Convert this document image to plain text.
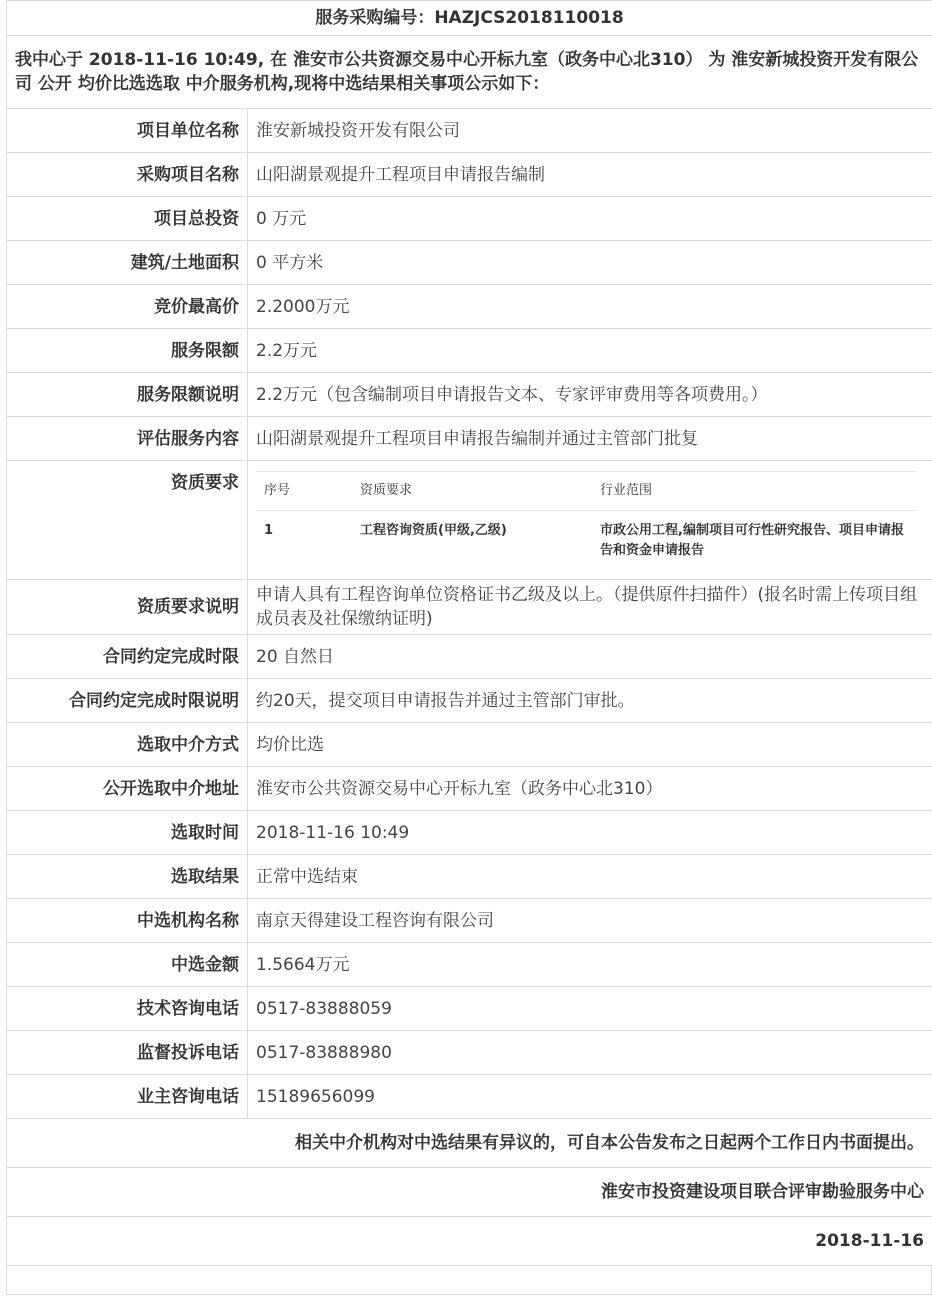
服务采购编号：HAZJCS2018110018
我中心于 2018-11-16 10:49, 在 淮安市公共资源交易中心开标九室（政务中心北310） 为 淮安新城投资开发有限公司 公开 均价比选选取 中介服务机构,现将中选结果相关事项公示如下：
项目单位名称	淮安新城投资开发有限公司
采购项目名称	山阳湖景观提升工程项目申请报告编制
项目总投资	0 万元
建筑/土地面积	0 平方米
竞价最高价	2.2000万元
服务限额	2.2万元
服务限额说明	2.2万元（包含编制项目申请报告文本、专家评审费用等各项费用。）
评估服务内容	山阳湖景观提升工程项目申请报告编制并通过主管部门批复
资质要求	序号	资质要求	行业范围
1	工程咨询资质(甲级,乙级)	市政公用工程,编制项目可行性研究报告、项目申请报告和资金申请报告

资质要求说明	申请人具有工程咨询单位资格证书乙级及以上。（提供原件扫描件）(报名时需上传项目组成员表及社保缴纳证明)
合同约定完成时限	20 自然日
合同约定完成时限说明	约20天，提交项目申请报告并通过主管部门审批。
选取中介方式	均价比选
公开选取中介地址	淮安市公共资源交易中心开标九室（政务中心北310）
选取时间	2018-11-16 10:49
选取结果	正常中选结束
中选机构名称	南京天得建设工程咨询有限公司
中选金额	1.5664万元
技术咨询电话	0517-83888059
监督投诉电话	0517-83888980
业主咨询电话	15189656099
相关中介机构对中选结果有异议的，可自本公告发布之日起两个工作日内书面提出。
淮安市投资建设项目联合评审勘验服务中心
2018-11-16
